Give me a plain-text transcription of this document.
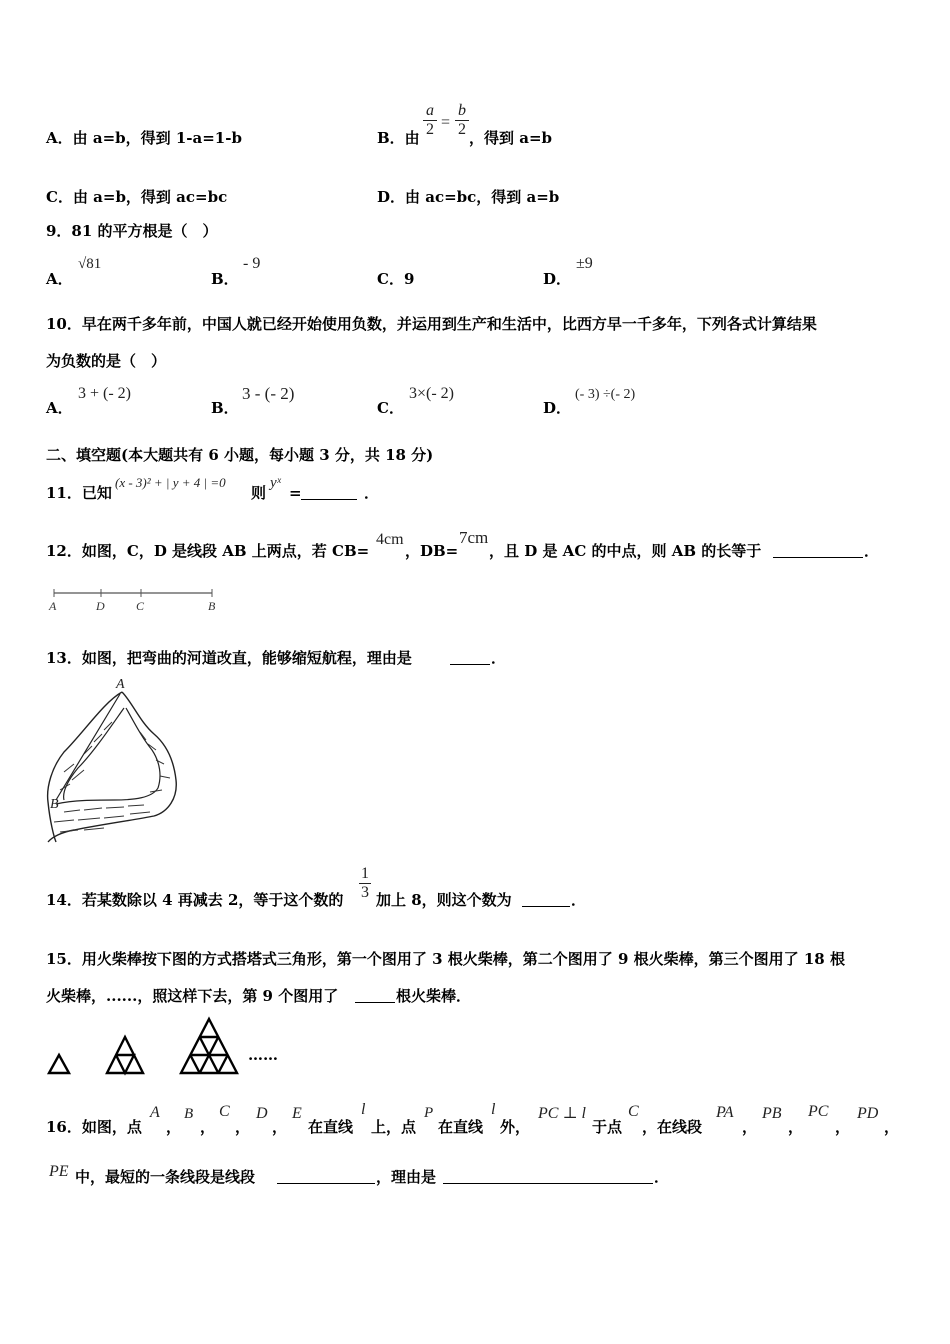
A．由 a=b，得到 1-a=1-b	B．由
a
2 =
b
2 ，得到 a=b
C．由 a=b，得到 ac=bc	D．由 ac=bc，得到 a=b
9．81 的平方根是（　）
A．
√81
B．
- 9
C．9	D．
±9
10．早在两千多年前，中国人就已经开始使用负数，并运用到生产和生活中，比西方早一千多年，下列各式计算结果
为负数的是（　）
A．
3 + (- 2)
B．
3 - (- 2)
C．
3×(- 2)
D．
(- 3) ÷(- 2)
二、填空题(本大题共有 6 小题，每小题 3 分，共 18 分)
11．已知
(x - 3)² + | y + 4 | =0
则
yˣ
=	．
12．如图，C，D 是线段 AB 上两点，若 CB=
4cm
，DB=
7cm
，且 D 是 AC 的中点，则 AB 的长等于	．
A	D	C	B
13．如图，把弯曲的河道改直，能够缩短航程，理由是	．
A
B
14．若某数除以 4 再减去 2，等于这个数的
1
3 加上 8，则这个数为	．
15．用火柴棒按下图的方式搭塔式三角形，第一个图用了 3 根火柴棒，第二个图用了 9 根火柴棒，第三个图用了 18 根
火柴棒，......，照这样下去，第 9 个图用了	根火柴棒．
……
16．如图，点
A
，
B
，
C
，
D
，
E
在直线
l
上，点
P
在直线
l
外，
PC ⊥ l
于点
C
，在线段
PA
，
PB
，
PC
，
PD
，
PE 中，最短的一条线段是线段	，理由是	．
